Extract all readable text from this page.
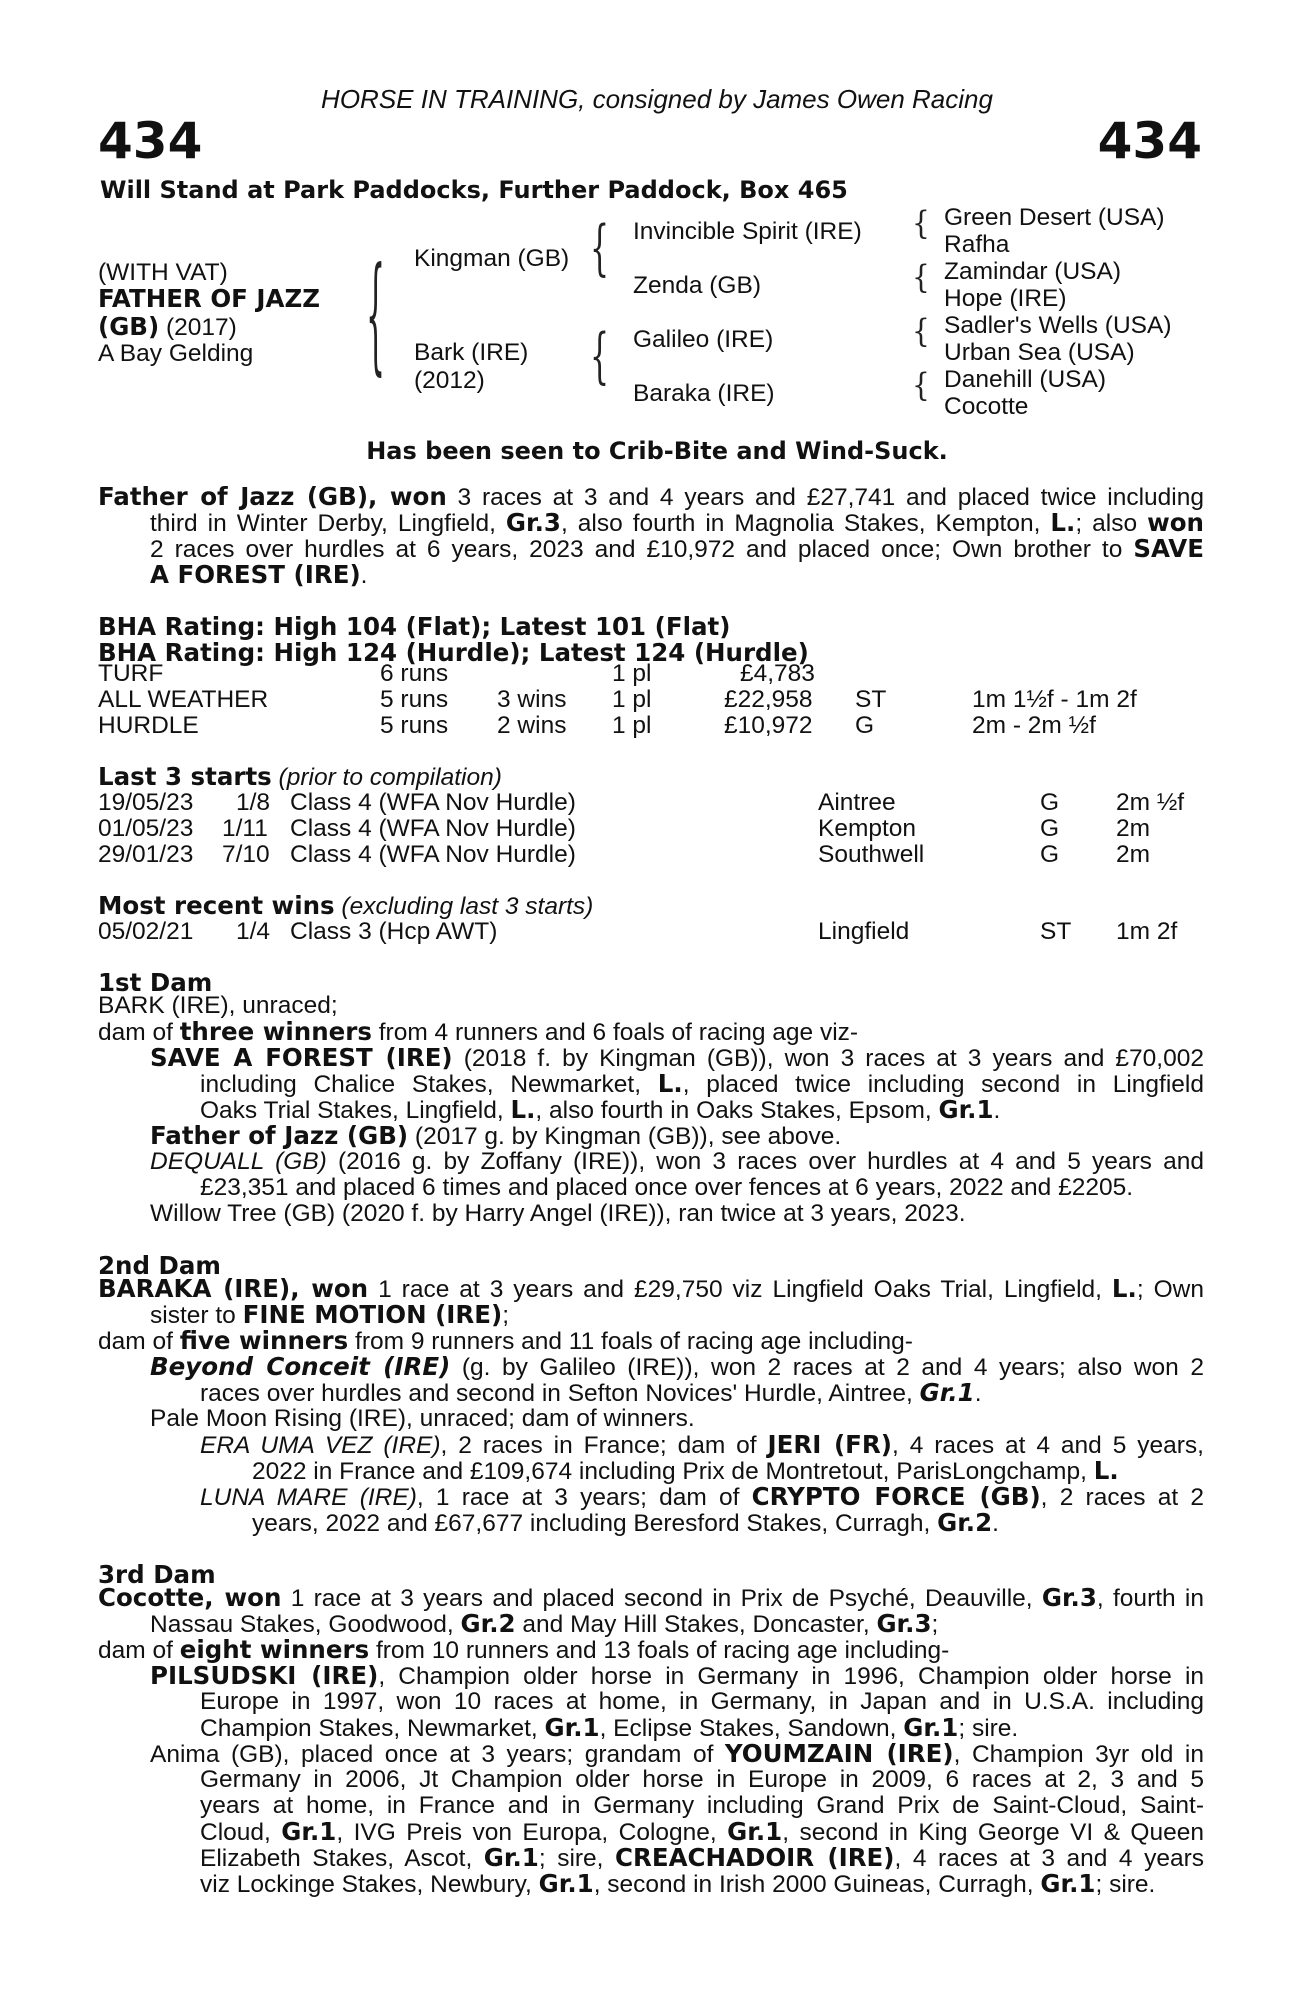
HORSE IN TRAINING, consigned by James Owen Racing
434	434
Will Stand at Park Paddocks, Further Paddock, Box 465
(WITH VAT)
FATHER OF JAZZ
(GB) (2017)
A Bay Gelding	{ Kingman (GB)
Bark (IRE)
(2012)
{ Invincible Spirit (IRE)
Zenda (GB)
{ Galileo (IRE)
Baraka (IRE)
{ Green Desert (USA)
Rafha
{ Zamindar (USA)
Hope (IRE)
{ Sadler's Wells (USA)
Urban Sea (USA)
{ Danehill (USA)
Cocotte
Has been seen to Crib-Bite and Wind-Suck.
Father of Jazz (GB), won 3 races at 3 and 4 years and £27,741 and placed twice including
third in Winter Derby, Lingfield, Gr.3, also fourth in Magnolia Stakes, Kempton, L.; also won
2 races over hurdles at 6 years, 2023 and £10,972 and placed once; Own brother to SAVE
A FOREST (IRE).
BHA Rating: High 104 (Flat); Latest 101 (Flat)
BHA Rating: High 124 (Hurdle); Latest 124 (Hurdle)
TURF	6 runs	1 pl	£4,783
ALL WEATHER	5 runs 3 wins 1 pl	£22,958 ST	1m 1½f - 1m 2f
HURDLE	5 runs 2 wins 1 pl	£10,972 G	2m - 2m ½f
Last 3 starts (prior to compilation)
19/05/23 1/8 Class 4 (WFA Nov Hurdle)	Aintree	G 2m ½f
01/05/23 1/11 Class 4 (WFA Nov Hurdle)	Kempton	G 2m
29/01/23 7/10 Class 4 (WFA Nov Hurdle)	Southwell	G 2m
Most recent wins (excluding last 3 starts)
05/02/21 1/4 Class 3 (Hcp AWT)	Lingfield	ST 1m 2f
1st Dam
BARK (IRE), unraced;
dam of three winners from 4 runners and 6 foals of racing age viz-
SAVE A FOREST (IRE) (2018 f. by Kingman (GB)), won 3 races at 3 years and £70,002
including Chalice Stakes, Newmarket, L., placed twice including second in Lingfield
Oaks Trial Stakes, Lingfield, L., also fourth in Oaks Stakes, Epsom, Gr.1.
Father of Jazz (GB) (2017 g. by Kingman (GB)), see above.
DEQUALL (GB) (2016 g. by Zoffany (IRE)), won 3 races over hurdles at 4 and 5 years and
£23,351 and placed 6 times and placed once over fences at 6 years, 2022 and £2205.
Willow Tree (GB) (2020 f. by Harry Angel (IRE)), ran twice at 3 years, 2023.
2nd Dam
BARAKA (IRE), won 1 race at 3 years and £29,750 viz Lingfield Oaks Trial, Lingfield, L.; Own
sister to FINE MOTION (IRE);
dam of five winners from 9 runners and 11 foals of racing age including-
Beyond Conceit (IRE) (g. by Galileo (IRE)), won 2 races at 2 and 4 years; also won 2
races over hurdles and second in Sefton Novices' Hurdle, Aintree, Gr.1.
Pale Moon Rising (IRE), unraced; dam of winners.
ERA UMA VEZ (IRE), 2 races in France; dam of JERI (FR), 4 races at 4 and 5 years,
2022 in France and £109,674 including Prix de Montretout, ParisLongchamp, L.
LUNA MARE (IRE), 1 race at 3 years; dam of CRYPTO FORCE (GB), 2 races at 2
years, 2022 and £67,677 including Beresford Stakes, Curragh, Gr.2.
3rd Dam
Cocotte, won 1 race at 3 years and placed second in Prix de Psyché, Deauville, Gr.3, fourth in
Nassau Stakes, Goodwood, Gr.2 and May Hill Stakes, Doncaster, Gr.3;
dam of eight winners from 10 runners and 13 foals of racing age including-
PILSUDSKI (IRE), Champion older horse in Germany in 1996, Champion older horse in
Europe in 1997, won 10 races at home, in Germany, in Japan and in U.S.A. including
Champion Stakes, Newmarket, Gr.1, Eclipse Stakes, Sandown, Gr.1; sire.
Anima (GB), placed once at 3 years; grandam of YOUMZAIN (IRE), Champion 3yr old in
Germany in 2006, Jt Champion older horse in Europe in 2009, 6 races at 2, 3 and 5
years at home, in France and in Germany including Grand Prix de Saint-Cloud, Saint-
Cloud, Gr.1, IVG Preis von Europa, Cologne, Gr.1, second in King George VI & Queen
Elizabeth Stakes, Ascot, Gr.1; sire, CREACHADOIR (IRE), 4 races at 3 and 4 years
viz Lockinge Stakes, Newbury, Gr.1, second in Irish 2000 Guineas, Curragh, Gr.1; sire.
